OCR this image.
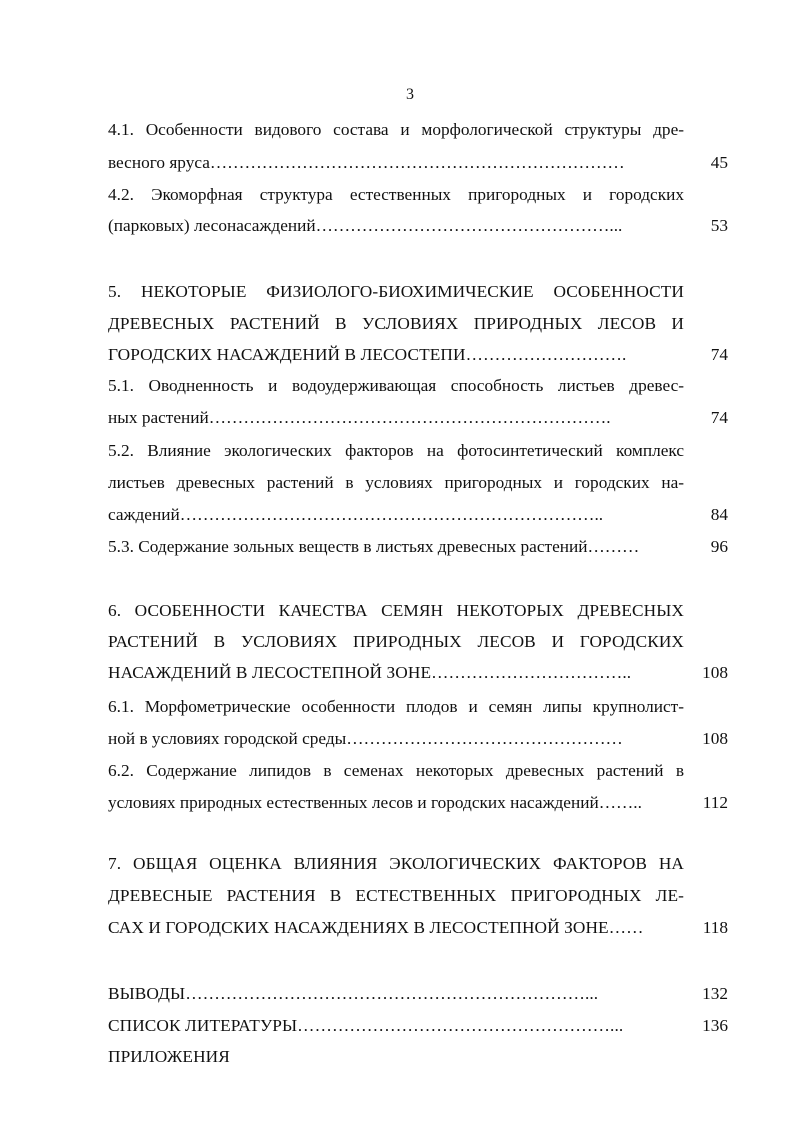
3
4.1. Особенности видового состава и морфологической структуры дре-
весного яруса………………………………………………………………	45
4.2. Экоморфная структура естественных пригородных и городских
(парковых) лесонасаждений……………………………………………...	53
5. НЕКОТОРЫЕ ФИЗИОЛОГО-БИОХИМИЧЕСКИЕ ОСОБЕННОСТИ
ДРЕВЕСНЫХ РАСТЕНИЙ В УСЛОВИЯХ ПРИРОДНЫХ ЛЕСОВ И
ГОРОДСКИХ НАСАЖДЕНИЙ В ЛЕСОСТЕПИ……………………….	74
5.1. Оводненность и водоудерживающая способность листьев древес-
ных растений…………………………………………………………….	74
5.2. Влияние экологических факторов на фотосинтетический комплекс
листьев древесных растений в условиях пригородных и городских на-
саждений………………………………………………………………..	84
5.3. Содержание зольных веществ в листьях древесных растений………	96
6. ОСОБЕННОСТИ КАЧЕСТВА СЕМЯН НЕКОТОРЫХ ДРЕВЕСНЫХ
РАСТЕНИЙ В УСЛОВИЯХ ПРИРОДНЫХ ЛЕСОВ И ГОРОДСКИХ
НАСАЖДЕНИЙ В ЛЕСОСТЕПНОЙ ЗОНЕ……………………………..	108
6.1. Морфометрические особенности плодов и семян липы крупнолист-
ной в условиях городской среды…………………………………………	108
6.2. Содержание липидов в семенах некоторых древесных растений в
условиях природных естественных лесов и городских насаждений……..	112
7. ОБЩАЯ ОЦЕНКА ВЛИЯНИЯ ЭКОЛОГИЧЕСКИХ ФАКТОРОВ НА
ДРЕВЕСНЫЕ РАСТЕНИЯ В ЕСТЕСТВЕННЫХ ПРИГОРОДНЫХ ЛЕ-
САХ И ГОРОДСКИХ НАСАЖДЕНИЯХ В ЛЕСОСТЕПНОЙ ЗОНЕ……	118
ВЫВОДЫ……………………………………………………………...	132
СПИСОК ЛИТЕРАТУРЫ………………………………………………...	136
ПРИЛОЖЕНИЯ
